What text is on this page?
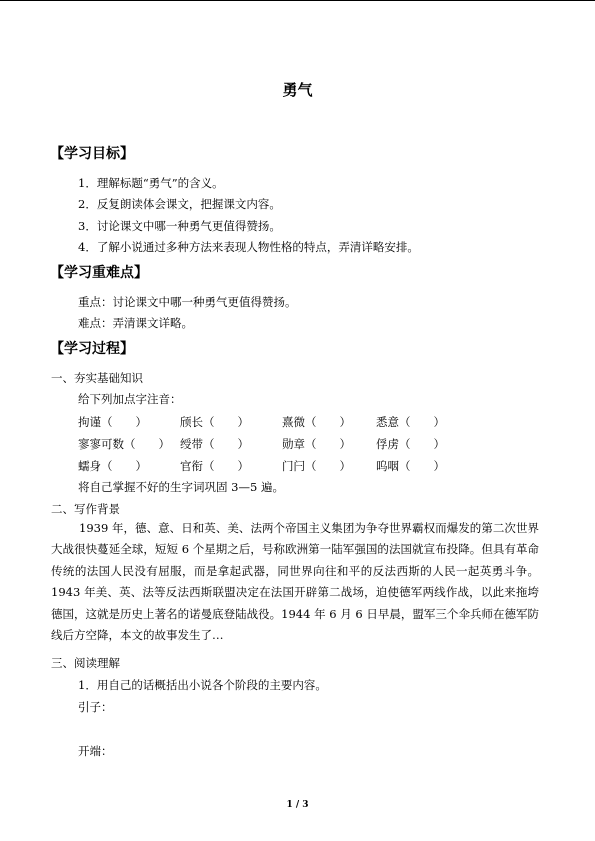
勇气
【学习目标】
1．理解标题“勇气”的含义。
2．反复朗读体会课文，把握课文内容。
3．讨论课文中哪一种勇气更值得赞扬。
4．了解小说通过多种方法来表现人物性格的特点，弄清详略安排。
【学习重难点】
重点：讨论课文中哪一种勇气更值得赞扬。
难点：弄清课文详略。
【学习过程】
一、夯实基础知识
给下列加点字注音：
拘谨（　　）	颀长（　　）	熹微（　　） 悉意（　　）
寥寥可数（　　） 绶带（　　）	勋章（　　） 俘虏（　　）
蠕身（　　）	官衔（　　）	门闩（　　） 呜咽（　　）
将自己掌握不好的生字词巩固 3—5 遍。
二、写作背景
1939 年，德、意、日和英、美、法两个帝国主义集团为争夺世界霸权而爆发的第二次世界大战很快蔓延全球，短短 6 个星期之后，号称欧洲第一陆军强国的法国就宣布投降。但具有革命传统的法国人民没有屈服，而是拿起武器，同世界向往和平的反法西斯的人民一起英勇斗争。1943 年美、英、法等反法西斯联盟决定在法国开辟第二战场，迫使德军两线作战，以此来拖垮德国，这就是历史上著名的诺曼底登陆战役。1944 年 6 月 6 日早晨，盟军三个伞兵师在德军防线后方空降，本文的故事发生了…
三、阅读理解
1．用自己的话概括出小说各个阶段的主要内容。
引子：
开端：
1 / 3
